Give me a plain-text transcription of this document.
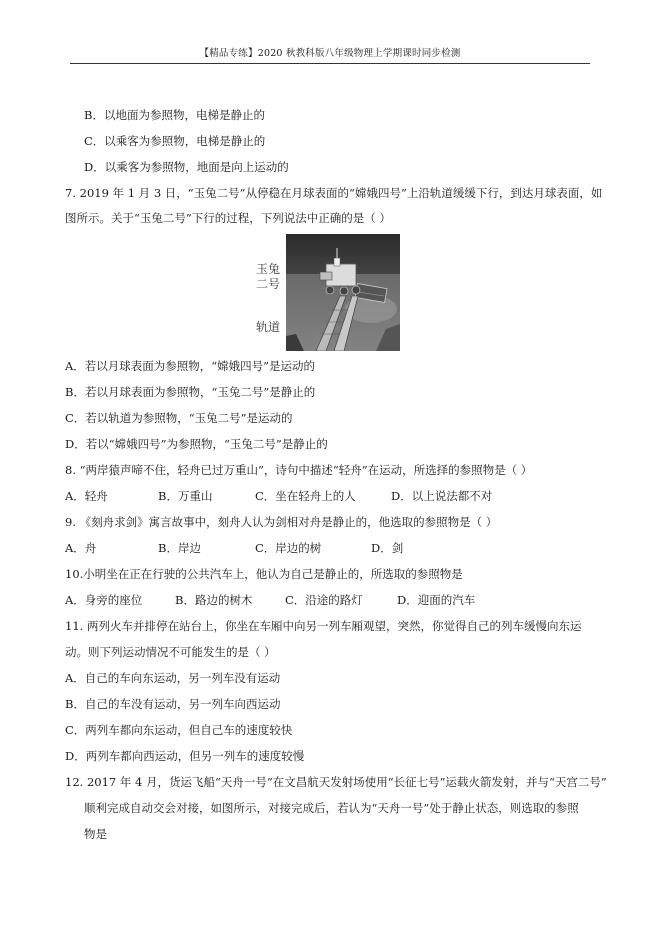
【精品专练】2020 秋教科版八年级物理上学期课时同步检测
B．以地面为参照物，电梯是静止的
C．以乘客为参照物，电梯是静止的
D．以乘客为参照物，地面是向上运动的
7. 2019 年 1 月 3 日，“玉兔二号”从停稳在月球表面的“嫦娥四号”上沿轨道缓缓下行，到达月球表面，如
图所示。关于“玉兔二号”下行的过程，下列说法中正确的是（ ）
玉兔
二号
轨道
A．若以月球表面为参照物，“嫦娥四号”是运动的
B．若以月球表面为参照物，“玉兔二号”是静止的
C．若以轨道为参照物，“玉兔二号”是运动的
D．若以“嫦娥四号”为参照物，“玉兔二号”是静止的
8. “两岸猿声啼不住，轻舟已过万重山”，诗句中描述“轻舟”在运动，所选择的参照物是（ ）
A．轻舟	B．万重山	C．坐在轻舟上的人	D．以上说法都不对
9. 《刻舟求剑》寓言故事中，刻舟人认为剑相对舟是静止的，他选取的参照物是（ ）
A．舟	B．岸边	C．岸边的树	D．剑
10.小明坐在正在行驶的公共汽车上，他认为自己是静止的，所选取的参照物是
A．身旁的座位	B．路边的树木	C．沿途的路灯	D．迎面的汽车
11. 两列火车并排停在站台上，你坐在车厢中向另一列车厢观望，突然，你觉得自己的列车缓慢向东运
动。则下列运动情况不可能发生的是（ ）
A．自己的车向东运动，另一列车没有运动
B．自己的车没有运动，另一列车向西运动
C．两列车都向东运动，但自己车的速度较快
D．两列车都向西运动，但另一列车的速度较慢
12. 2017 年 4 月，货运飞船“天舟一号”在文昌航天发射场使用“长征七号”运载火箭发射，并与“天宫二号”
顺利完成自动交会对接，如图所示，对接完成后，若认为“天舟一号”处于静止状态，则选取的参照
物是
